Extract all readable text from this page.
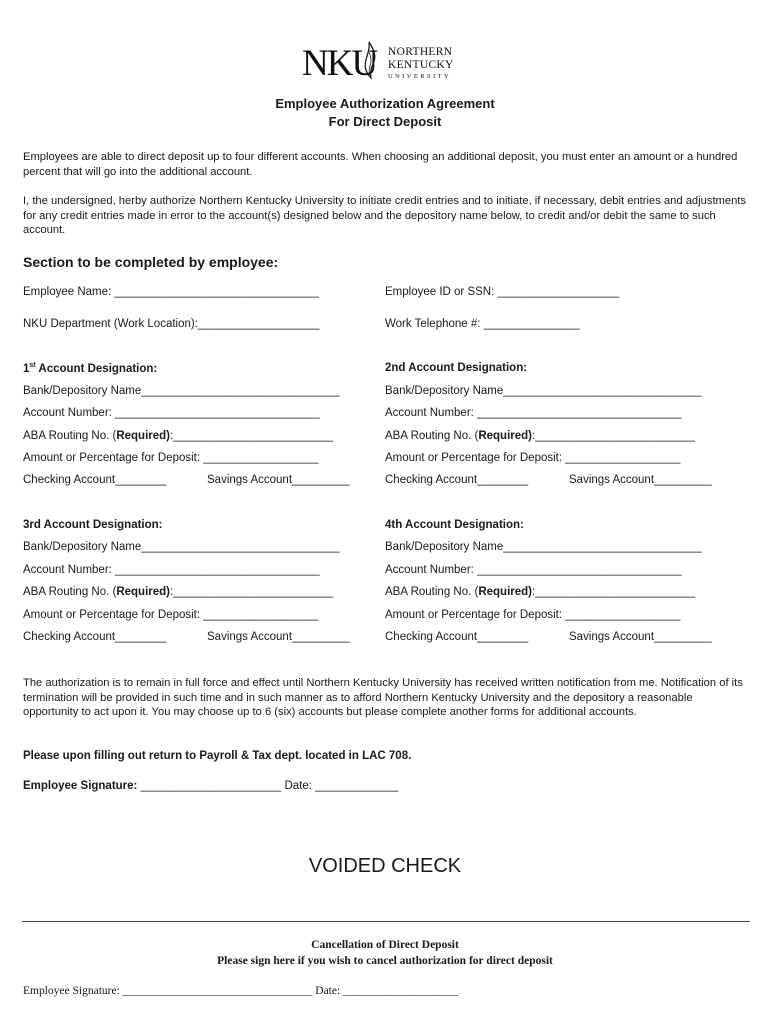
NKU NORTHERN
KENTUCKY
UNIVERSITY
Employee Authorization Agreement
For Direct Deposit
Employees are able to direct deposit up to four different accounts. When choosing an additional deposit, you must enter an amount or a hundred percent that will go into the additional account.
I, the undersigned, herby authorize Northern Kentucky University to initiate credit entries and to initiate, if necessary, debit entries and adjustments for any credit entries made in error to the account(s) designed below and the depository name below, to credit and/or debit the same to such account.
Section to be completed by employee:
Employee Name: ________________________________	Employee ID or SSN: ___________________
NKU Department (Work Location):___________________	Work Telephone #: _______________
1st Account Designation:
Bank/Depository Name_______________________________
Account Number: ________________________________
ABA Routing No. (Required):_________________________
Amount or Percentage for Deposit: __________________
Checking Account________	Savings Account_________
2nd Account Designation:
Bank/Depository Name_______________________________
Account Number: ________________________________
ABA Routing No. (Required):_________________________
Amount or Percentage for Deposit: __________________
Checking Account________	Savings Account_________
3rd Account Designation:
Bank/Depository Name_______________________________
Account Number: ________________________________
ABA Routing No. (Required):_________________________
Amount or Percentage for Deposit: __________________
Checking Account________	Savings Account_________
4th Account Designation:
Bank/Depository Name_______________________________
Account Number: ________________________________
ABA Routing No. (Required):_________________________
Amount or Percentage for Deposit: __________________
Checking Account________	Savings Account_________
The authorization is to remain in full force and effect until Northern Kentucky University has received written notification from me. Notification of its termination will be provided in such time and in such manner as to afford Northern Kentucky University and the depository a reasonable opportunity to act upon it. You may choose up to 6 (six) accounts but please complete another forms for additional accounts.
Please upon filling out return to Payroll & Tax dept. located in LAC 708.
Employee Signature: ______________________ Date: _____________
VOIDED CHECK
Cancellation of Direct Deposit
Please sign here if you wish to cancel authorization for direct deposit
Employee Signature: _________________________________ Date: ____________________
